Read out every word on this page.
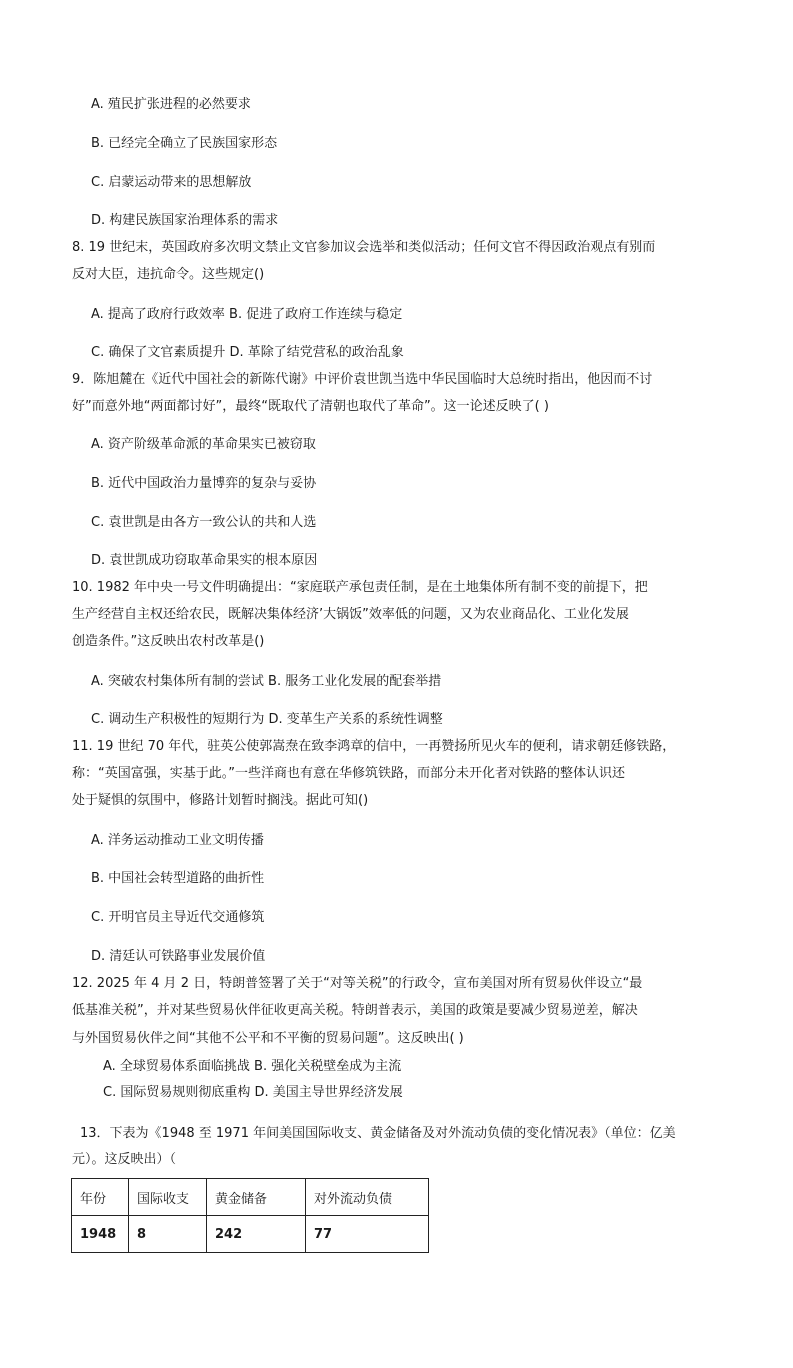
A. 殖民扩张进程的必然要求
B. 已经完全确立了民族国家形态
C. 启蒙运动带来的思想解放
D. 构建民族国家治理体系的需求
8. 19 世纪末，英国政府多次明文禁止文官参加议会选举和类似活动；任何文官不得因政治观点有别而
反对大臣，违抗命令。这些规定()
A. 提高了政府行政效率 B. 促进了政府工作连续与稳定
C. 确保了文官素质提升 D. 革除了结党营私的政治乱象
9．陈旭麓在《近代中国社会的新陈代谢》中评价袁世凯当选中华民国临时大总统时指出，他因而不讨
好”而意外地“两面都讨好”，最终“既取代了清朝也取代了革命”。这一论述反映了( )
A. 资产阶级革命派的革命果实已被窃取
B. 近代中国政治力量博弈的复杂与妥协
C. 袁世凯是由各方一致公认的共和人选
D. 袁世凯成功窃取革命果实的根本原因
10. 1982 年中央一号文件明确提出：“家庭联产承包责任制，是在土地集体所有制不变的前提下，把
生产经营自主权还给农民，既解决集体经济’大锅饭”效率低的问题，又为农业商品化、工业化发展
创造条件。”这反映出农村改革是()
A. 突破农村集体所有制的尝试 B. 服务工业化发展的配套举措
C. 调动生产积极性的短期行为 D. 变革生产关系的系统性调整
11. 19 世纪 70 年代，驻英公使郭嵩焘在致李鸿章的信中，一再赞扬所见火车的便利，请求朝廷修铁路，
称：“英国富强，实基于此。”一些洋商也有意在华修筑铁路，而部分未开化者对铁路的整体认识还
处于疑惧的氛围中，修路计划暂时搁浅。据此可知()
A. 洋务运动推动工业文明传播
B. 中国社会转型道路的曲折性
C. 开明官员主导近代交通修筑
D. 清廷认可铁路事业发展价值
12. 2025 年 4 月 2 日，特朗普签署了关于“对等关税”的行政令，宣布美国对所有贸易伙伴设立“最
低基准关税”，并对某些贸易伙伴征收更高关税。特朗普表示，美国的政策是要减少贸易逆差，解决
与外国贸易伙伴之间“其他不公平和不平衡的贸易问题”。这反映出( )
A. 全球贸易体系面临挑战 B. 强化关税壁垒成为主流
C. 国际贸易规则彻底重构 D. 美国主导世界经济发展
13．下表为《1948 至 1971 年间美国国际收支、黄金储备及对外流动负债的变化情况表》（单位：亿美
元）。这反映出）（
年份	国际收支	黄金储备	对外流动负债
1948	8	242	77
